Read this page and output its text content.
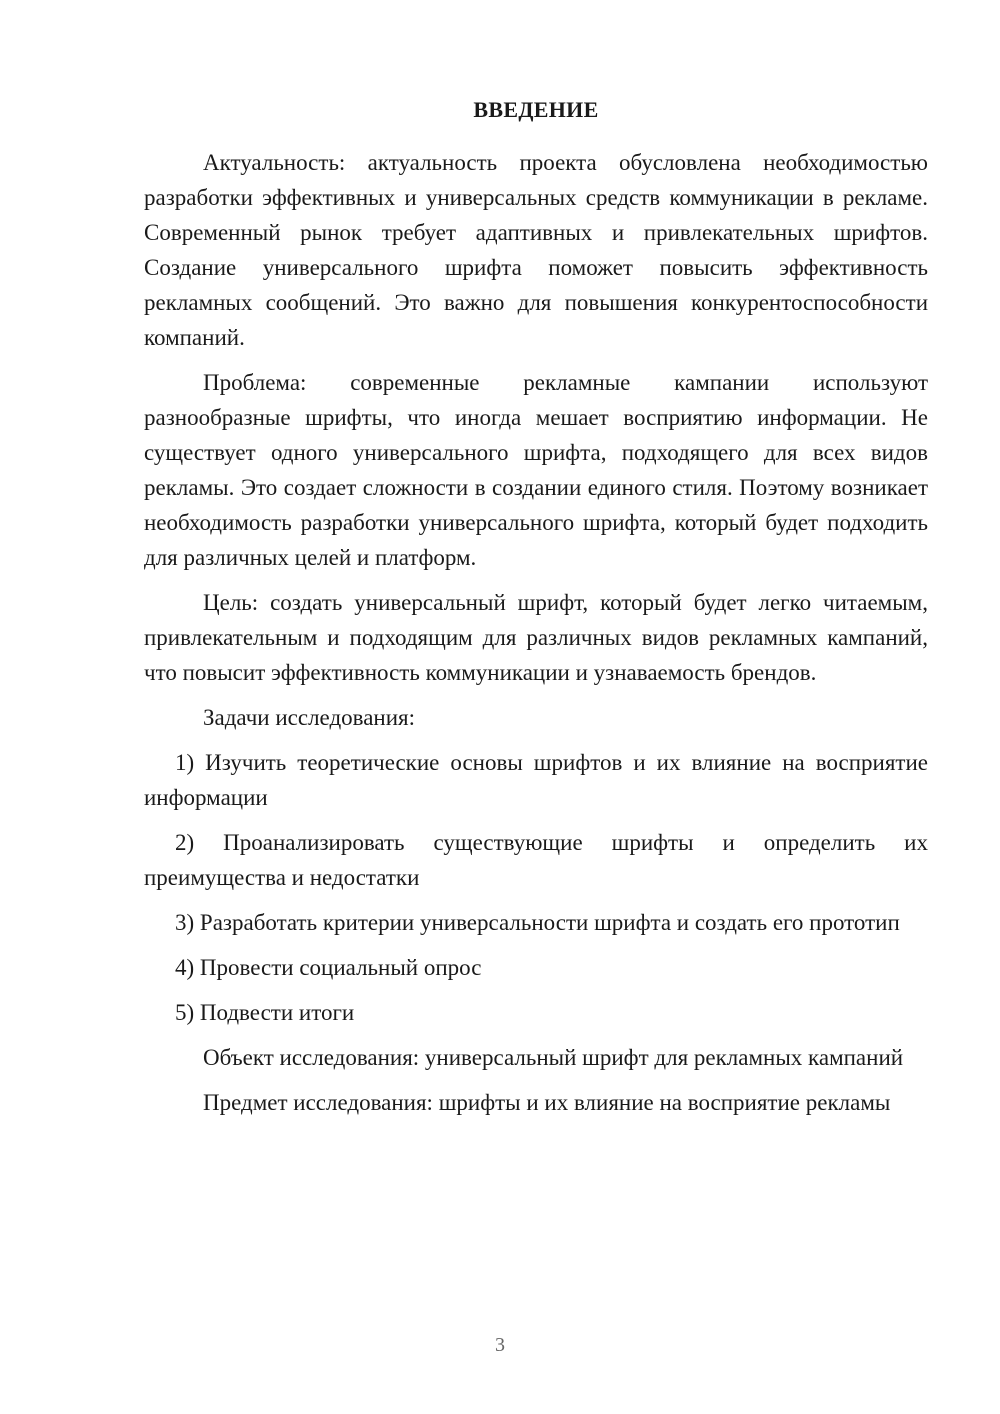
ВВЕДЕНИЕ

Актуальность: актуальность проекта обусловлена необходимостью разработки эффективных и универсальных средств коммуникации в рекламе. Современный рынок требует адаптивных и привлекательных шрифтов. Создание универсального шрифта поможет повысить эффективность рекламных сообщений. Это важно для повышения конкурентоспособности компаний.

Проблема: современные рекламные кампании используют разнообразные шрифты, что иногда мешает восприятию информации. Не существует одного универсального шрифта, подходящего для всех видов рекламы. Это создает сложности в создании единого стиля. Поэтому возникает необходимость разработки универсального шрифта, который будет подходить для различных целей и платформ.

Цель: создать универсальный шрифт, который будет легко читаемым, привлекательным и подходящим для различных видов рекламных кампаний, что повысит эффективность коммуникации и узнаваемость брендов.

Задачи исследования:

1) Изучить теоретические основы шрифтов и их влияние на восприятие информации

2) Проанализировать существующие шрифты и определить их преимущества и недостатки

3) Разработать критерии универсальности шрифта и создать его прототип

4) Провести социальный опрос

5) Подвести итоги

Объект исследования: универсальный шрифт для рекламных кампаний

Предмет исследования: шрифты и их влияние на восприятие рекламы

3
